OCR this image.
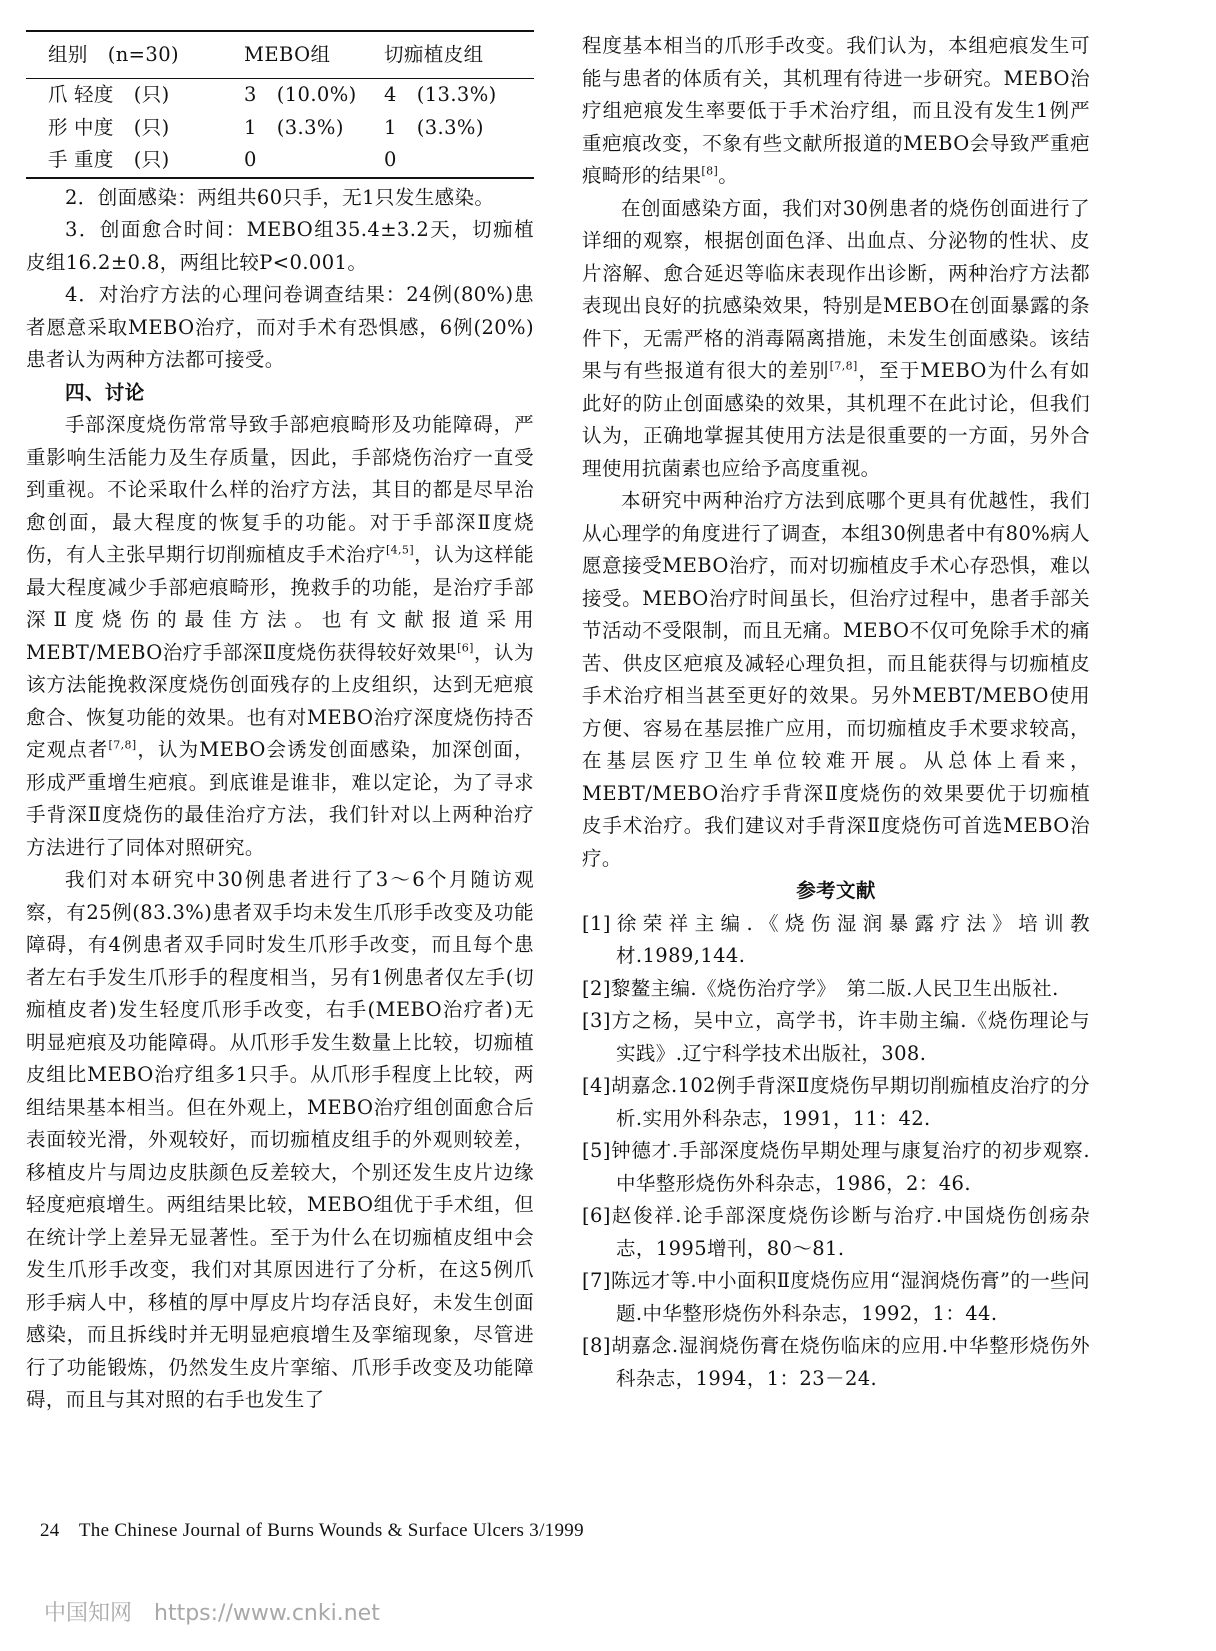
组别　(n=30)		MEBO组	切痂植皮组
爪	轻度　(只)	3　(10.0%)	4　(13.3%)
形	中度　(只)	1　(3.3%)	1　(3.3%)
手	重度　(只)	0	0

2．创面感染：两组共60只手，无1只发生感染。

3．创面愈合时间：MEBO组35.4±3.2天，切痂植皮组16.2±0.8，两组比较P<0.001。

4．对治疗方法的心理问卷调查结果：24例(80%)患者愿意采取MEBO治疗，而对手术有恐惧感，6例(20%)患者认为两种方法都可接受。

四、讨论

手部深度烧伤常常导致手部疤痕畸形及功能障碍，严重影响生活能力及生存质量，因此，手部烧伤治疗一直受到重视。不论采取什么样的治疗方法，其目的都是尽早治愈创面，最大程度的恢复手的功能。对于手部深Ⅱ度烧伤，有人主张早期行切削痂植皮手术治疗[4,5]，认为这样能最大程度减少手部疤痕畸形，挽救手的功能，是治疗手部深Ⅱ度烧伤的最佳方法。也有文献报道采用MEBT/MEBO治疗手部深Ⅱ度烧伤获得较好效果[6]，认为该方法能挽救深度烧伤创面残存的上皮组织，达到无疤痕愈合、恢复功能的效果。也有对MEBO治疗深度烧伤持否定观点者[7,8]，认为MEBO会诱发创面感染，加深创面，形成严重增生疤痕。到底谁是谁非，难以定论，为了寻求手背深Ⅱ度烧伤的最佳治疗方法，我们针对以上两种治疗方法进行了同体对照研究。

我们对本研究中30例患者进行了3～6个月随访观察，有25例(83.3%)患者双手均未发生爪形手改变及功能障碍，有4例患者双手同时发生爪形手改变，而且每个患者左右手发生爪形手的程度相当，另有1例患者仅左手(切痂植皮者)发生轻度爪形手改变，右手(MEBO治疗者)无明显疤痕及功能障碍。从爪形手发生数量上比较，切痂植皮组比MEBO治疗组多1只手。从爪形手程度上比较，两组结果基本相当。但在外观上，MEBO治疗组创面愈合后表面较光滑，外观较好，而切痂植皮组手的外观则较差，移植皮片与周边皮肤颜色反差较大，个别还发生皮片边缘轻度疤痕增生。两组结果比较，MEBO组优于手术组，但在统计学上差异无显著性。至于为什么在切痂植皮组中会发生爪形手改变，我们对其原因进行了分析，在这5例爪形手病人中，移植的厚中厚皮片均存活良好，未发生创面感染，而且拆线时并无明显疤痕增生及挛缩现象，尽管进行了功能锻炼，仍然发生皮片挛缩、爪形手改变及功能障碍，而且与其对照的右手也发生了

程度基本相当的爪形手改变。我们认为，本组疤痕发生可能与患者的体质有关，其机理有待进一步研究。MEBO治疗组疤痕发生率要低于手术治疗组，而且没有发生1例严重疤痕改变，不象有些文献所报道的MEBO会导致严重疤痕畸形的结果[8]。

在创面感染方面，我们对30例患者的烧伤创面进行了详细的观察，根据创面色泽、出血点、分泌物的性状、皮片溶解、愈合延迟等临床表现作出诊断，两种治疗方法都表现出良好的抗感染效果，特别是MEBO在创面暴露的条件下，无需严格的消毒隔离措施，未发生创面感染。该结果与有些报道有很大的差别[7,8]，至于MEBO为什么有如此好的防止创面感染的效果，其机理不在此讨论，但我们认为，正确地掌握其使用方法是很重要的一方面，另外合理使用抗菌素也应给予高度重视。

本研究中两种治疗方法到底哪个更具有优越性，我们从心理学的角度进行了调查，本组30例患者中有80%病人愿意接受MEBO治疗，而对切痂植皮手术心存恐惧，难以接受。MEBO治疗时间虽长，但治疗过程中，患者手部关节活动不受限制，而且无痛。MEBO不仅可免除手术的痛苦、供皮区疤痕及减轻心理负担，而且能获得与切痂植皮手术治疗相当甚至更好的效果。另外MEBT/MEBO使用方便、容易在基层推广应用，而切痂植皮手术要求较高，在基层医疗卫生单位较难开展。从总体上看来，MEBT/MEBO治疗手背深Ⅱ度烧伤的效果要优于切痂植皮手术治疗。我们建议对手背深Ⅱ度烧伤可首选MEBO治疗。

参考文献

[1]徐荣祥主编.《烧伤湿润暴露疗法》培训教材.1989,144.

[2]黎鳌主编.《烧伤治疗学》　第二版.人民卫生出版社.

[3]方之杨，吴中立，高学书，许丰勋主编.《烧伤理论与实践》.辽宁科学技术出版社，308.

[4]胡嘉念.102例手背深Ⅱ度烧伤早期切削痂植皮治疗的分析.实用外科杂志，1991，11：42.

[5]钟德才.手部深度烧伤早期处理与康复治疗的初步观察.中华整形烧伤外科杂志，1986，2：46.

[6]赵俊祥.论手部深度烧伤诊断与治疗.中国烧伤创疡杂志，1995增刊，80～81.

[7]陈远才等.中小面积Ⅱ度烧伤应用“湿润烧伤膏”的一些问题.中华整形烧伤外科杂志，1992，1：44.

[8]胡嘉念.湿润烧伤膏在烧伤临床的应用.中华整形烧伤外科杂志，1994，1：23－24.

24　The Chinese Journal of Burns Wounds & Surface Ulcers 3/1999
中国知网 https://www.cnki.net
